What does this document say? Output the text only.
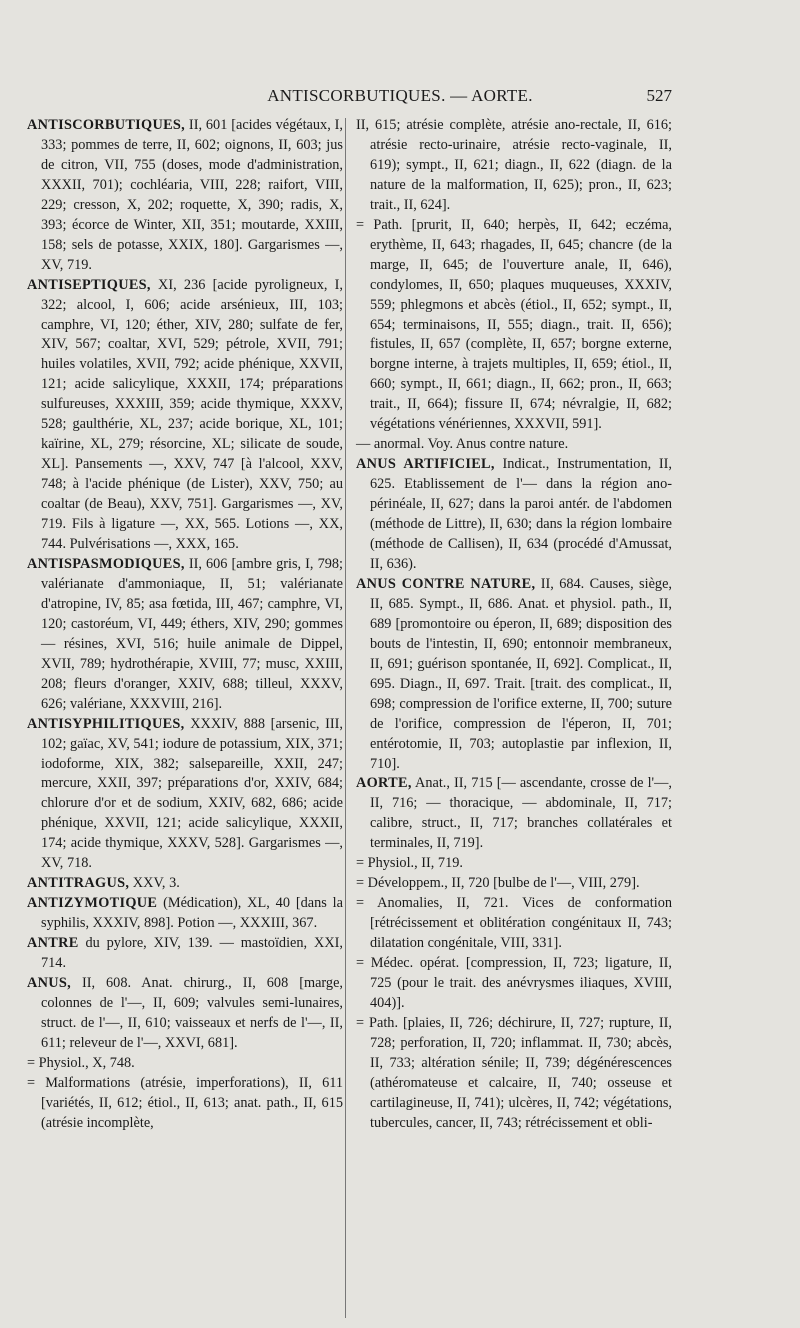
ANTISCORBUTIQUES. — AORTE.	527

ANTISCORBUTIQUES, II, 601 [acides végétaux, I, 333; pommes de terre, II, 602; oignons, II, 603; jus de citron, VII, 755 (doses, mode d'administration, XXXII, 701); cochléaria, VIII, 228; raifort, VIII, 229; cresson, X, 202; roquette, X, 390; radis, X, 393; écorce de Winter, XII, 351; moutarde, XXIII, 158; sels de potasse, XXIX, 180]. Gargarismes —, XV, 719.

ANTISEPTIQUES, XI, 236 [acide pyroligneux, I, 322; alcool, I, 606; acide arsénieux, III, 103; camphre, VI, 120; éther, XIV, 280; sulfate de fer, XIV, 567; coaltar, XVI, 529; pétrole, XVII, 791; huiles volatiles, XVII, 792; acide phénique, XXVII, 121; acide salicylique, XXXII, 174; préparations sulfureuses, XXXIII, 359; acide thymique, XXXV, 528; gaulthérie, XL, 237; acide borique, XL, 101; kaïrine, XL, 279; résorcine, XL; silicate de soude, XL]. Pansements —, XXV, 747 [à l'alcool, XXV, 748; à l'acide phénique (de Lister), XXV, 750; au coaltar (de Beau), XXV, 751]. Gargarismes —, XV, 719. Fils à ligature —, XX, 565. Lotions —, XX, 744. Pulvérisations —, XXX, 165.

ANTISPASMODIQUES, II, 606 [ambre gris, I, 798; valérianate d'ammoniaque, II, 51; valérianate d'atropine, IV, 85; asa fœtida, III, 467; camphre, VI, 120; castoréum, VI, 449; éthers, XIV, 290; gommes — résines, XVI, 516; huile animale de Dippel, XVII, 789; hydrothérapie, XVIII, 77; musc, XXIII, 208; fleurs d'oranger, XXIV, 688; tilleul, XXXV, 626; valériane, XXXVIII, 216].

ANTISYPHILITIQUES, XXXIV, 888 [arsenic, III, 102; gaïac, XV, 541; iodure de potassium, XIX, 371; iodoforme, XIX, 382; salsepareille, XXII, 247; mercure, XXII, 397; préparations d'or, XXIV, 684; chlorure d'or et de sodium, XXIV, 682, 686; acide phénique, XXVII, 121; acide salicylique, XXXII, 174; acide thymique, XXXV, 528]. Gargarismes —, XV, 718.

ANTITRAGUS, XXV, 3.

ANTIZYMOTIQUE (Médication), XL, 40 [dans la syphilis, XXXIV, 898]. Potion —, XXXIII, 367.

ANTRE du pylore, XIV, 139. — mastoïdien, XXI, 714.

ANUS, II, 608. Anat. chirurg., II, 608 [marge, colonnes de l'—, II, 609; valvules semi-lunaires, struct. de l'—, II, 610; vaisseaux et nerfs de l'—, II, 611; releveur de l'—, XXVI, 681].

= Physiol., X, 748.

= Malformations (atrésie, imperforations), II, 611 [variétés, II, 612; étiol., II, 613; anat. path., II, 615 (atrésie incomplète,

II, 615; atrésie complète, atrésie ano-rectale, II, 616; atrésie recto-urinaire, atrésie recto-vaginale, II, 619); sympt., II, 621; diagn., II, 622 (diagn. de la nature de la malformation, II, 625); pron., II, 623; trait., II, 624].

= Path. [prurit, II, 640; herpès, II, 642; eczéma, erythème, II, 643; rhagades, II, 645; chancre (de la marge, II, 645; de l'ouverture anale, II, 646), condylomes, II, 650; plaques muqueuses, XXXIV, 559; phlegmons et abcès (étiol., II, 652; sympt., II, 654; terminaisons, II, 555; diagn., trait. II, 656); fistules, II, 657 (complète, II, 657; borgne externe, borgne interne, à trajets multiples, II, 659; étiol., II, 660; sympt., II, 661; diagn., II, 662; pron., II, 663; trait., II, 664); fissure II, 674; névralgie, II, 682; végétations vénériennes, XXXVII, 591].

— anormal. Voy. Anus contre nature.

ANUS ARTIFICIEL, Indicat., Instrumentation, II, 625. Etablissement de l'— dans la région ano-périnéale, II, 627; dans la paroi antér. de l'abdomen (méthode de Littre), II, 630; dans la région lombaire (méthode de Callisen), II, 634 (procédé d'Amussat, II, 636).

ANUS CONTRE NATURE, II, 684. Causes, siège, II, 685. Sympt., II, 686. Anat. et physiol. path., II, 689 [promontoire ou éperon, II, 689; disposition des bouts de l'intestin, II, 690; entonnoir membraneux, II, 691; guérison spontanée, II, 692]. Complicat., II, 695. Diagn., II, 697. Trait. [trait. des complicat., II, 698; compression de l'orifice externe, II, 700; suture de l'orifice, compression de l'éperon, II, 701; entérotomie, II, 703; autoplastie par inflexion, II, 710].

AORTE, Anat., II, 715 [— ascendante, crosse de l'—, II, 716; — thoracique, — abdominale, II, 717; calibre, struct., II, 717; branches collatérales et terminales, II, 719].

= Physiol., II, 719.

= Développem., II, 720 [bulbe de l'—, VIII, 279].

= Anomalies, II, 721. Vices de conformation [rétrécissement et oblitération congénitaux II, 743; dilatation congénitale, VIII, 331].

= Médec. opérat. [compression, II, 723; ligature, II, 725 (pour le trait. des anévrysmes iliaques, XVIII, 404)].

= Path. [plaies, II, 726; déchirure, II, 727; rupture, II, 728; perforation, II, 720; inflammat. II, 730; abcès, II, 733; altération sénile; II, 739; dégénérescences (athéromateuse et calcaire, II, 740; osseuse et cartilagineuse, II, 741); ulcères, II, 742; végétations, tubercules, cancer, II, 743; rétrécissement et obli-
